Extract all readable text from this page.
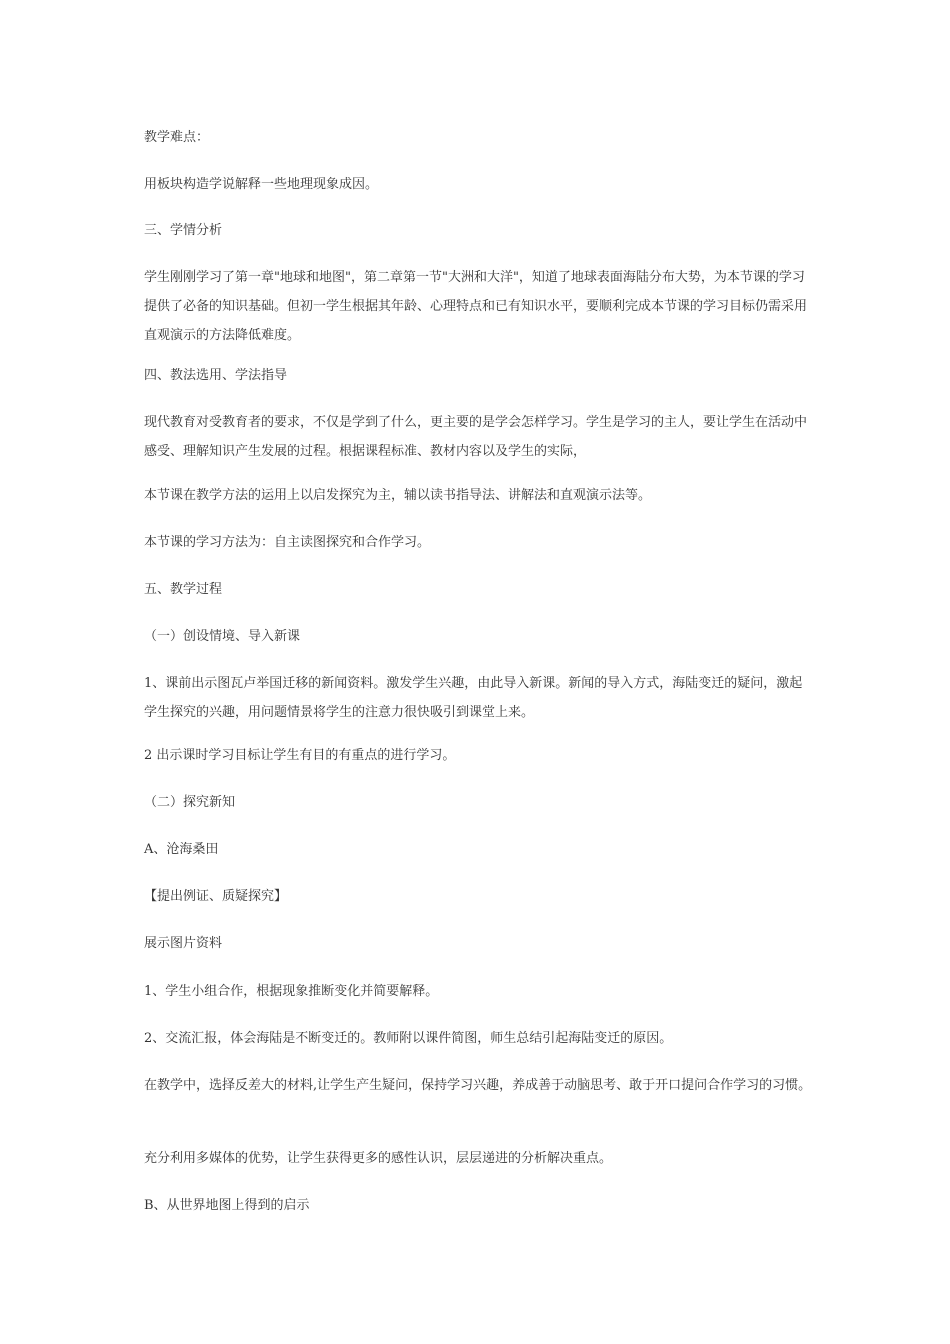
教学难点：

用板块构造学说解释一些地理现象成因。

三、学情分析

学生刚刚学习了第一章"地球和地图"，第二章第一节"大洲和大洋"，知道了地球表面海陆分布大势，为本节课的学习提供了必备的知识基础。但初一学生根据其年龄、心理特点和已有知识水平，要顺利完成本节课的学习目标仍需采用直观演示的方法降低难度。

四、教法选用、学法指导

现代教育对受教育者的要求，不仅是学到了什么，更主要的是学会怎样学习。学生是学习的主人，要让学生在活动中感受、理解知识产生发展的过程。根据课程标准、教材内容以及学生的实际，

本节课在教学方法的运用上以启发探究为主，辅以读书指导法、讲解法和直观演示法等。

本节课的学习方法为：自主读图探究和合作学习。

五、教学过程

（一）创设情境、导入新课

1、课前出示图瓦卢举国迁移的新闻资料。激发学生兴趣，由此导入新课。新闻的导入方式，海陆变迁的疑问，激起学生探究的兴趣，用问题情景将学生的注意力很快吸引到课堂上来。

2 出示课时学习目标让学生有目的有重点的进行学习。

（二）探究新知

A、沧海桑田

【提出例证、质疑探究】

展示图片资料

1、学生小组合作，根据现象推断变化并简要解释。

2、交流汇报，体会海陆是不断变迁的。教师附以课件简图，师生总结引起海陆变迁的原因。

在教学中，选择反差大的材料,让学生产生疑问，保持学习兴趣，养成善于动脑思考、敢于开口提问合作学习的习惯。

充分利用多媒体的优势，让学生获得更多的感性认识，层层递进的分析解决重点。

B、从世界地图上得到的启示
